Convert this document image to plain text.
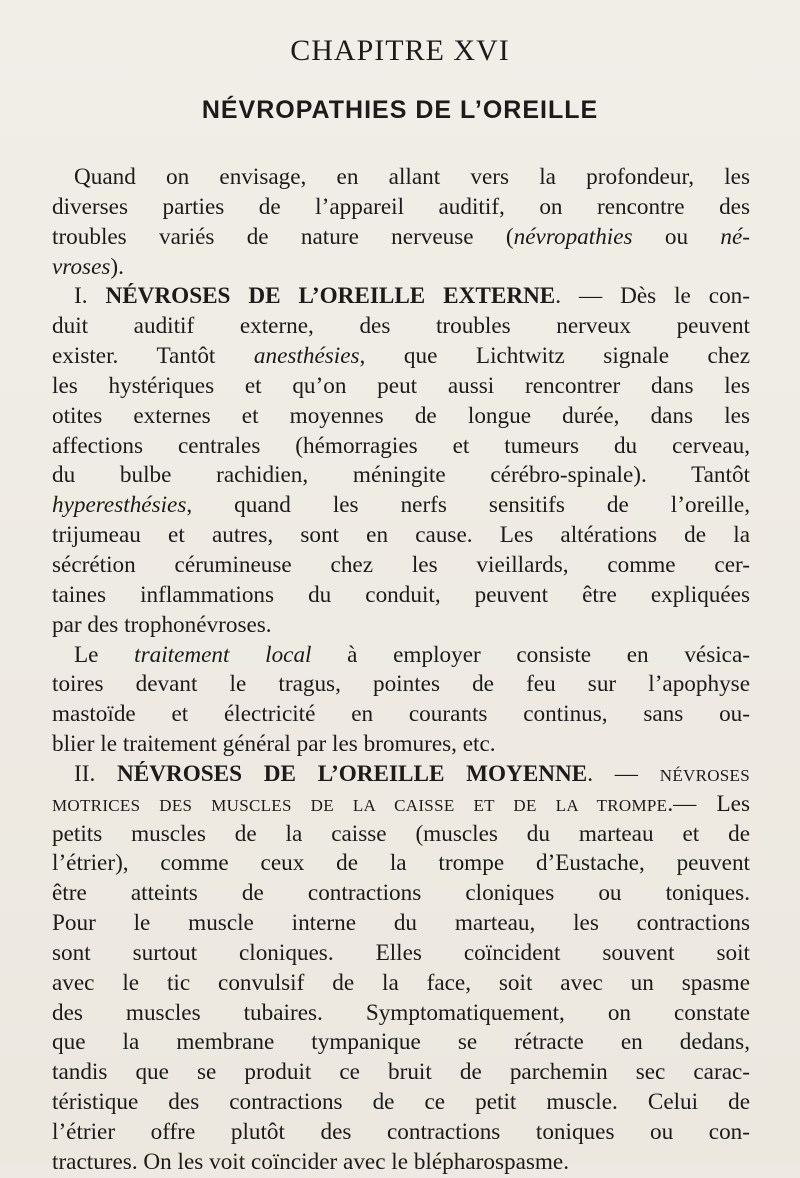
CHAPITRE XVI
NÉVROPATHIES DE L’OREILLE
Quand on envisage, en allant vers la profondeur, les
diverses parties de l’appareil auditif, on rencontre des
troubles variés de nature nerveuse (névropathies ou né-
vroses).
I. NÉVROSES DE L’OREILLE EXTERNE. — Dès le con-
duit auditif externe, des troubles nerveux peuvent
exister. Tantôt anesthésies, que Lichtwitz signale chez
les hystériques et qu’on peut aussi rencontrer dans les
otites externes et moyennes de longue durée, dans les
affections centrales (hémorragies et tumeurs du cerveau,
du bulbe rachidien, méningite cérébro-spinale). Tantôt
hyperesthésies, quand les nerfs sensitifs de l’oreille,
trijumeau et autres, sont en cause. Les altérations de la
sécrétion cérumineuse chez les vieillards, comme cer-
taines inflammations du conduit, peuvent être expliquées
par des trophonévroses.
Le traitement local à employer consiste en vésica-
toires devant le tragus, pointes de feu sur l’apophyse
mastoïde et électricité en courants continus, sans ou-
blier le traitement général par les bromures, etc.
II. NÉVROSES DE L’OREILLE MOYENNE. — NÉVROSES
MOTRICES DES MUSCLES DE LA CAISSE ET DE LA TROMPE.— Les
petits muscles de la caisse (muscles du marteau et de
l’étrier), comme ceux de la trompe d’Eustache, peuvent
être atteints de contractions cloniques ou toniques.
Pour le muscle interne du marteau, les contractions
sont surtout cloniques. Elles coïncident souvent soit
avec le tic convulsif de la face, soit avec un spasme
des muscles tubaires. Symptomatiquement, on constate
que la membrane tympanique se rétracte en dedans,
tandis que se produit ce bruit de parchemin sec carac-
téristique des contractions de ce petit muscle. Celui de
l’étrier offre plutôt des contractions toniques ou con-
tractures. On les voit coïncider avec le blépharospasme.
